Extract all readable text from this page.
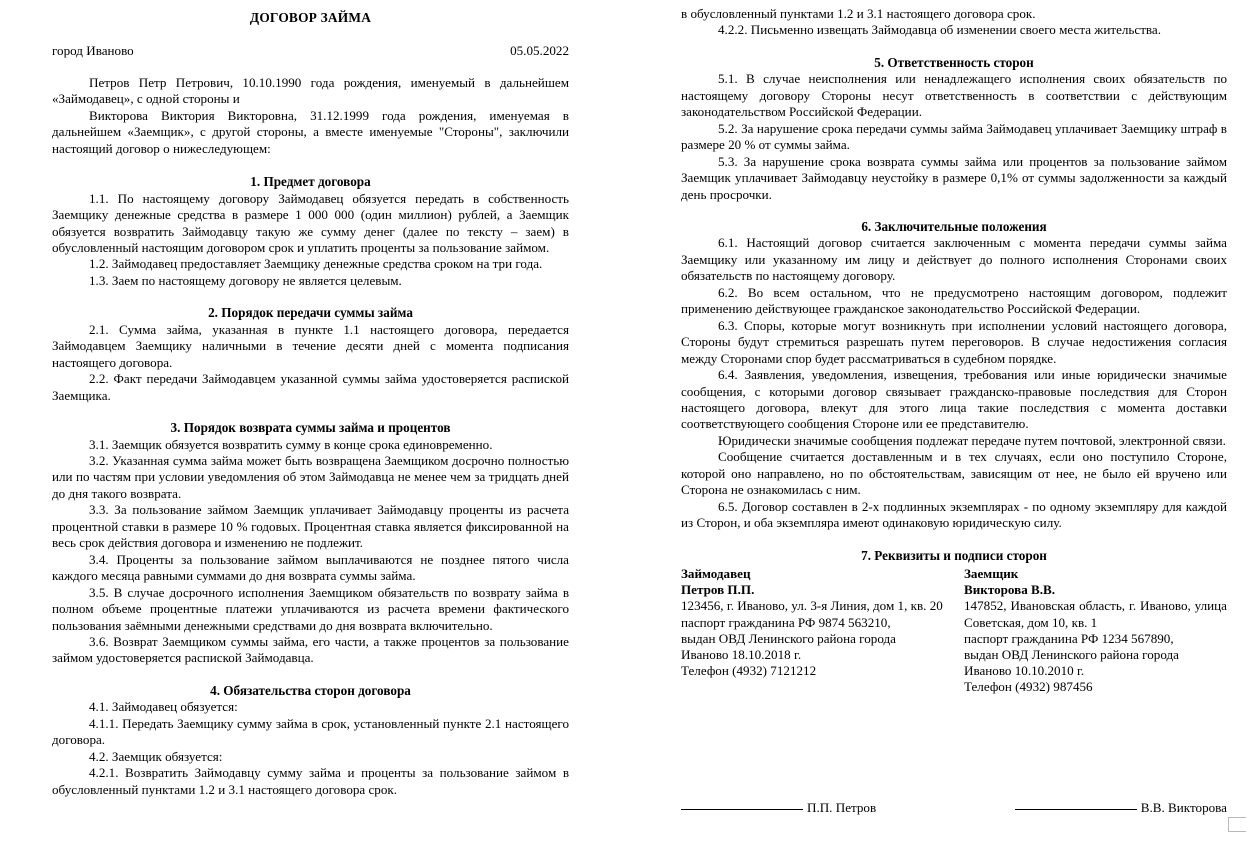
ДОГОВОР ЗАЙМА
город Иваново	05.05.2022

Петров Петр Петрович, 10.10.1990 года рождения, именуемый в дальнейшем «Займодавец», с одной стороны и

Викторова Виктория Викторовна, 31.12.1999 года рождения, именуемая в дальнейшем «Заемщик», с другой стороны, а вместе именуемые "Стороны", заключили настоящий договор о нижеследующем:

1. Предмет договора

1.1. По настоящему договору Займодавец обязуется передать в собственность Заемщику денежные средства в размере 1 000 000 (один миллион) рублей, а Заемщик обязуется возвратить Займодавцу такую же сумму денег (далее по тексту – заем) в обусловленный настоящим договором срок и уплатить проценты за пользование займом.

1.2. Займодавец предоставляет Заемщику денежные средства сроком на три года.

1.3. Заем по настоящему договору не является целевым.

2. Порядок передачи суммы займа

2.1. Сумма займа, указанная в пункте 1.1 настоящего договора, передается Займодавцем Заемщику наличными в течение десяти дней с момента подписания настоящего договора.

2.2. Факт передачи Займодавцем указанной суммы займа удостоверяется распиской Заемщика.

3. Порядок возврата суммы займа и процентов

3.1. Заемщик обязуется возвратить сумму в конце срока единовременно.

3.2. Указанная сумма займа может быть возвращена Заемщиком досрочно полностью или по частям при условии уведомления об этом Займодавца не менее чем за тридцать дней до дня такого возврата.

3.3. За пользование займом Заемщик уплачивает Займодавцу проценты из расчета процентной ставки в размере 10 % годовых. Процентная ставка является фиксированной на весь срок действия договора и изменению не подлежит.

3.4. Проценты за пользование займом выплачиваются не позднее пятого числа каждого месяца равными суммами до дня возврата суммы займа.

3.5. В случае досрочного исполнения Заемщиком обязательств по возврату займа в полном объеме процентные платежи уплачиваются из расчета времени фактического пользования заёмными денежными средствами до дня возврата включительно.

3.6. Возврат Заемщиком суммы займа, его части, а также процентов за пользование займом удостоверяется распиской Займодавца.

4. Обязательства сторон договора

4.1. Займодавец обязуется:

4.1.1. Передать Заемщику сумму займа в срок, установленный пункте 2.1 настоящего договора.

4.2. Заемщик обязуется:

4.2.1. Возвратить Займодавцу сумму займа и проценты за пользование займом в обусловленный пунктами 1.2 и 3.1 настоящего договора срок.

в обусловленный пунктами 1.2 и 3.1 настоящего договора срок.

4.2.2. Письменно извещать Займодавца об изменении своего места жительства.

5. Ответственность сторон

5.1. В случае неисполнения или ненадлежащего исполнения своих обязательств по настоящему договору Стороны несут ответственность в соответствии с действующим законодательством Российской Федерации.

5.2. За нарушение срока передачи суммы займа Займодавец уплачивает Заемщику штраф в размере 20 % от суммы займа.

5.3. За нарушение срока возврата суммы займа или процентов за пользование займом Заемщик уплачивает Займодавцу неустойку в размере 0,1% от суммы задолженности за каждый день просрочки.

6. Заключительные положения

6.1. Настоящий договор считается заключенным с момента передачи суммы займа Заемщику или указанному им лицу и действует до полного исполнения Сторонами своих обязательств по настоящему договору.

6.2. Во всем остальном, что не предусмотрено настоящим договором, подлежит применению действующее гражданское законодательство Российской Федерации.

6.3. Споры, которые могут возникнуть при исполнении условий настоящего договора, Стороны будут стремиться разрешать путем переговоров. В случае недостижения согласия между Сторонами спор будет рассматриваться в судебном порядке.

6.4. Заявления, уведомления, извещения, требования или иные юридически значимые сообщения, с которыми договор связывает гражданско-правовые последствия для Сторон настоящего договора, влекут для этого лица такие последствия с момента доставки соответствующего сообщения Стороне или ее представителю.

Юридически значимые сообщения подлежат передаче путем почтовой, электронной связи.

Сообщение считается доставленным и в тех случаях, если оно поступило Стороне, которой оно направлено, но по обстоятельствам, зависящим от нее, не было ей вручено или Сторона не ознакомилась с ним.

6.5. Договор составлен в 2-х подлинных экземплярах - по одному экземпляру для каждой из Сторон, и оба экземпляра имеют одинаковую юридическую силу.

7. Реквизиты и подписи сторон
Займодавец
Петров П.П.
123456, г. Иваново, ул. 3-я Линия, дом 1, кв. 20
паспорт гражданина РФ 9874 563210,
выдан ОВД Ленинского района города
Иваново 18.10.2018 г.
Телефон (4932) 7121212
Заемщик
Викторова В.В.
147852, Ивановская область, г. Иваново, улица Советская, дом 10, кв. 1
паспорт гражданина РФ 1234 567890,
выдан ОВД Ленинского района города
Иваново 10.10.2010 г.
Телефон (4932) 987456
П.П. Петров	В.В. Викторова
